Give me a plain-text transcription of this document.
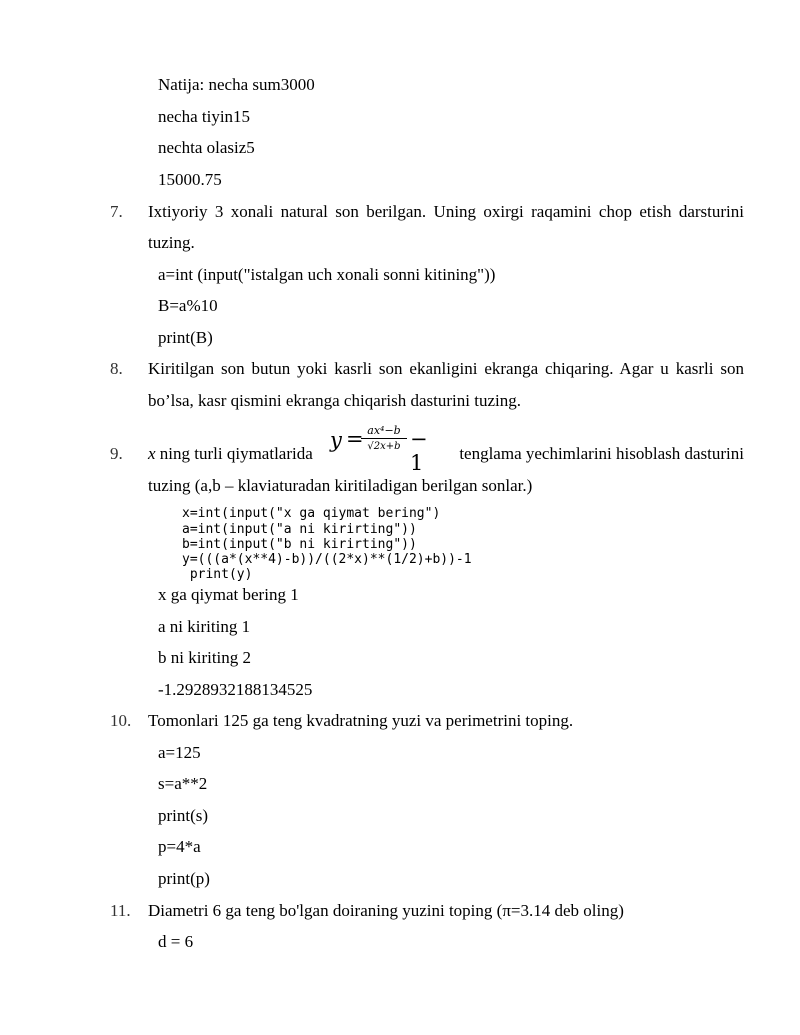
Natija: necha sum3000
necha tiyin15
nechta olasiz5
15000.75
7. Ixtiyoriy 3 xonali natural son berilgan. Uning oxirgi raqamini chop etish darsturini
tuzing.
a=int (input("istalgan uch xonali sonni kitining"))
B=a%10
print(B)
8. Kiritilgan son butun yoki kasrli son ekanligini ekranga chiqaring. Agar u kasrli son
bo’lsa, kasr qismini ekranga chiqarish dasturini tuzing.
9. x ning turli qiymatlarida
y = ax⁴−b
√2x+b − 1	tenglama yechimlarini hisoblash dasturini
tuzing (a,b – klaviaturadan kiritiladigan berilgan sonlar.)
x=int(input("x ga qiymat bering")
a=int(input("a ni kirirting"))
b=int(input("b ni kirirting"))
y=(((a*(x**4)-b))/((2*x)**(1/2)+b))-1
print(y)
x ga qiymat bering 1
a ni kiriting 1
b ni kiriting 2
-1.2928932188134525
10. Tomonlari 125 ga teng kvadratning yuzi va perimetrini toping.
a=125
s=a**2
print(s)
p=4*a
print(p)
11. Diametri 6 ga teng bo'lgan doiraning yuzini toping (π=3.14 deb oling)
d = 6
